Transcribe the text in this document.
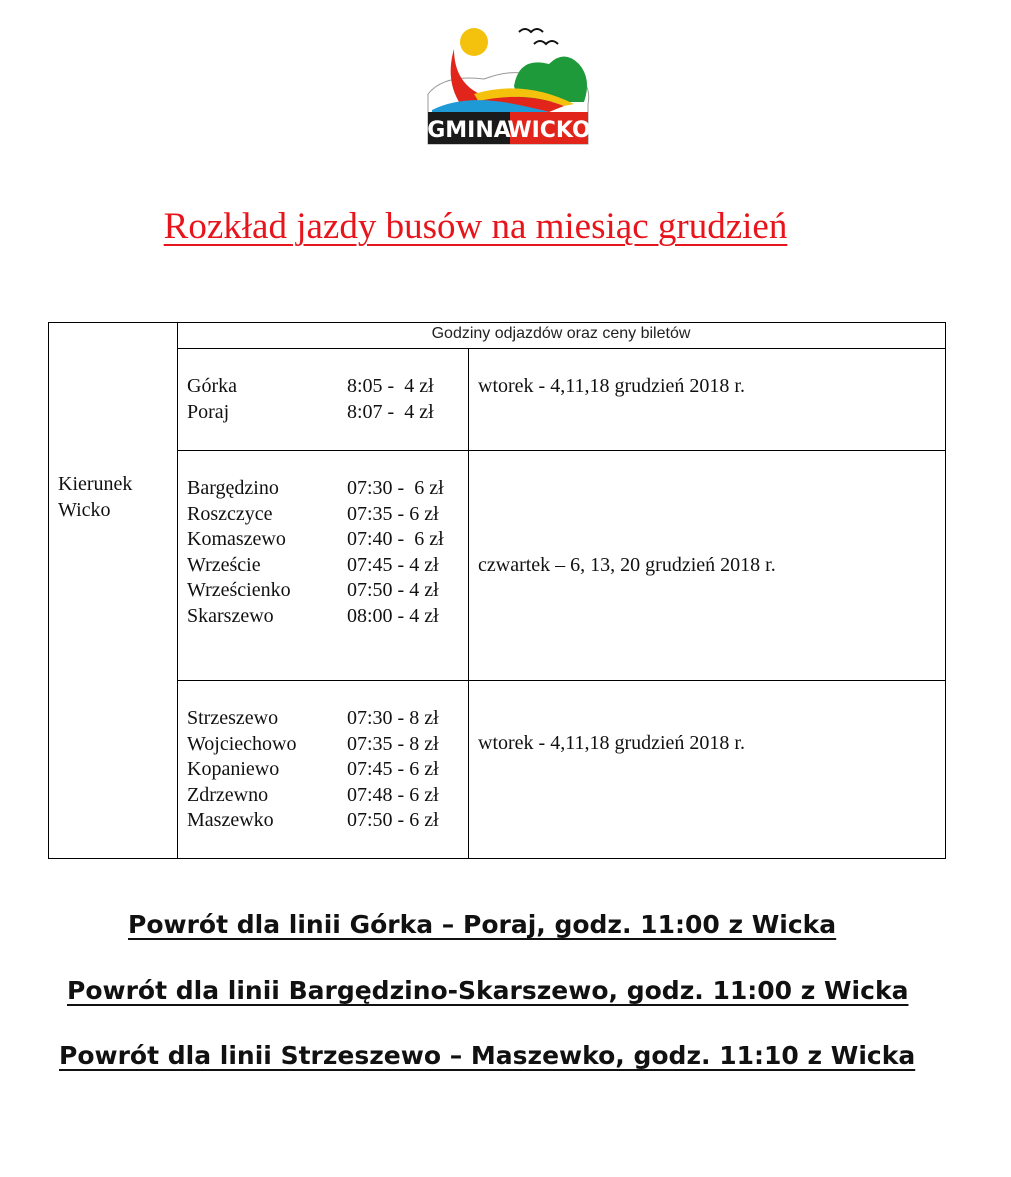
GMINA
WICKO
Rozkład jazdy busów na miesiąc grudzień
Godziny odjazdów oraz ceny biletów
Kierunek
Wicko
Górka	8:05 -  4 zł
Poraj	8:07 -  4 zł
wtorek - 4,11,18 grudzień 2018 r.
Bargędzino	07:30 -  6 zł
Roszczyce	07:35 - 6 zł
Komaszewo	07:40 -  6 zł
Wrzeście	07:45 - 4 zł
Wrześcienko	07:50 - 4 zł
Skarszewo	08:00 - 4 zł
czwartek – 6, 13, 20 grudzień 2018 r.
Strzeszewo	07:30 - 8 zł
Wojciechowo	07:35 - 8 zł
Kopaniewo	07:45 - 6 zł
Zdrzewno	07:48 - 6 zł
Maszewko	07:50 - 6 zł
wtorek - 4,11,18 grudzień 2018 r.
Powrót dla linii Górka – Poraj, godz. 11:00 z Wicka
Powrót dla linii Bargędzino-Skarszewo, godz. 11:00 z Wicka
Powrót dla linii Strzeszewo – Maszewko, godz. 11:10 z Wicka
